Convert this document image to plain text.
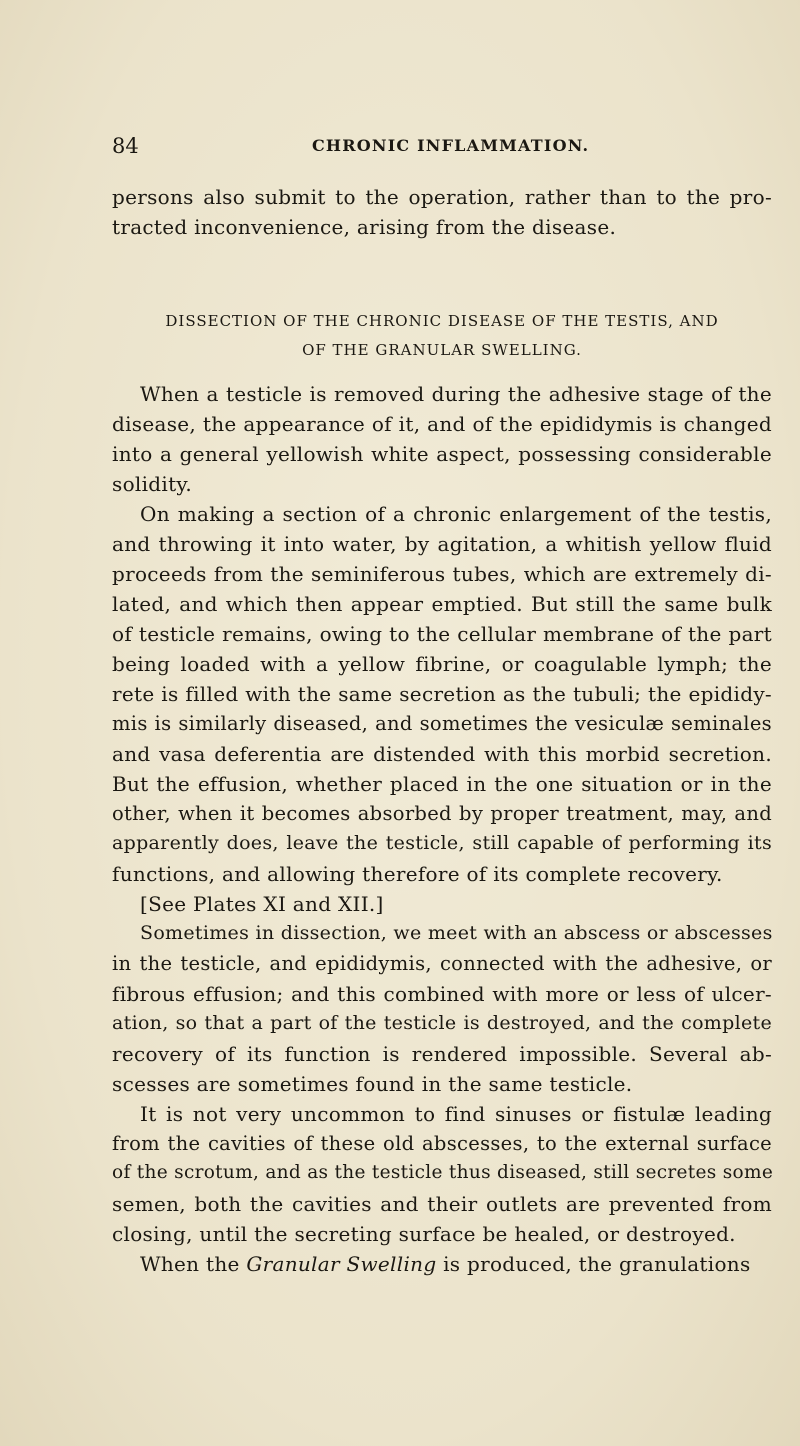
84	CHRONIC INFLAMMATION.
persons also submit to the operation, rather than to the pro-
tracted inconvenience, arising from the disease.
DISSECTION OF THE CHRONIC DISEASE OF THE TESTIS, AND
OF THE GRANULAR SWELLING.
When a testicle is removed during the adhesive stage of the
disease, the appearance of it, and of the epididymis is changed
into a general yellowish white aspect, possessing considerable
solidity.
On making a section of a chronic enlargement of the testis,
and throwing it into water, by agitation, a whitish yellow fluid
proceeds from the seminiferous tubes, which are extremely di-
lated, and which then appear emptied. But still the same bulk
of testicle remains, owing to the cellular membrane of the part
being loaded with a yellow fibrine, or coagulable lymph; the
rete is filled with the same secretion as the tubuli; the epididy-
mis is similarly diseased, and sometimes the vesiculæ seminales
and vasa deferentia are distended with this morbid secretion.
But the effusion, whether placed in the one situation or in the
other, when it becomes absorbed by proper treatment, may, and
apparently does, leave the testicle, still capable of performing its
functions, and allowing therefore of its complete recovery.
[See Plates XI and XII.]
Sometimes in dissection, we meet with an abscess or abscesses
in the testicle, and epididymis, connected with the adhesive, or
fibrous effusion; and this combined with more or less of ulcer-
ation, so that a part of the testicle is destroyed, and the complete
recovery of its function is rendered impossible. Several ab-
scesses are sometimes found in the same testicle.
It is not very uncommon to find sinuses or fistulæ leading
from the cavities of these old abscesses, to the external surface
of the scrotum, and as the testicle thus diseased, still secretes some
semen, both the cavities and their outlets are prevented from
closing, until the secreting surface be healed, or destroyed.
When the Granular Swelling is produced, the granulations
